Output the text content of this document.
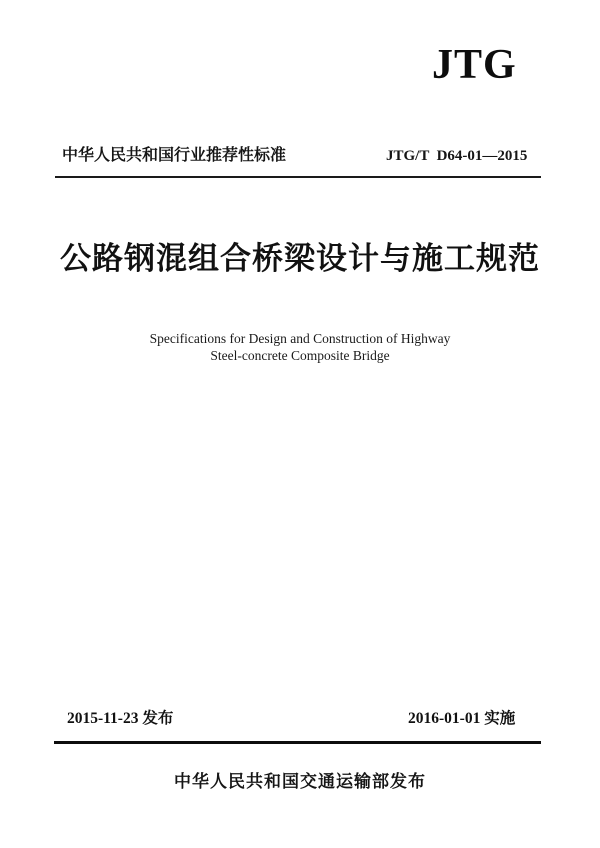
JTG
中华人民共和国行业推荐性标准	JTG/T  D64-01—2015
公路钢混组合桥梁设计与施工规范
Specifications for Design and Construction of Highway
Steel-concrete Composite Bridge
2015-11-23 发布	2016-01-01 实施
中华人民共和国交通运输部发布
